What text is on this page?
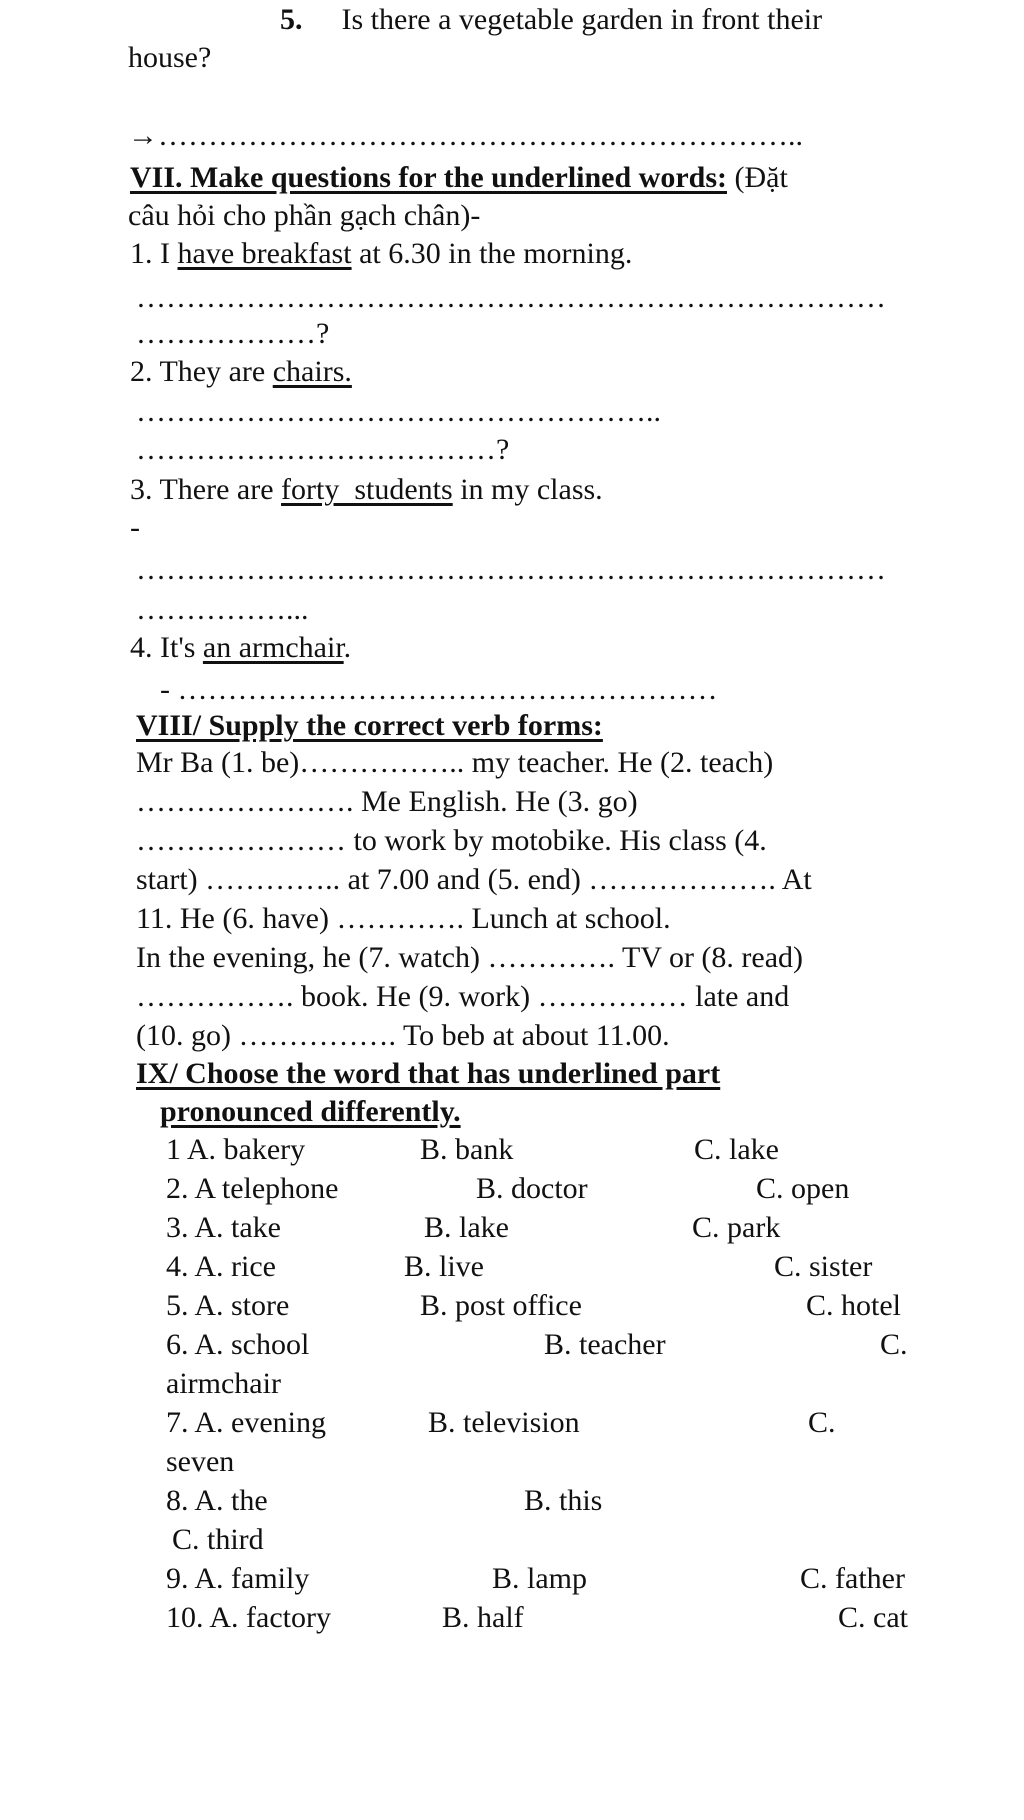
5. Is there a vegetable garden in front their
house?
→………………………………………………………..
VII. Make questions for the underlined words: (Đặt
câu hỏi cho phần gạch chân)-
1. I have breakfast at 6.30 in the morning.
…………………………………………………………………
………………?
2. They are chairs.
……………………………………………..
………………………………?
3. There are forty  students in my class.
-
…………………………………………………………………
……………...
4. It's an armchair.
- ………………………………………………
VIII/ Supply the correct verb forms:
Mr Ba (1. be)…………….. my teacher. He (2. teach)
…………………. Me English. He (3. go)
………………… to work by motobike. His class (4.
start) ………….. at 7.00 and (5. end) ………………. At
11. He (6. have) …………. Lunch at school.
In the evening, he (7. watch) …………. TV or (8. read)
……………. book. He (9. work) …………… late and
(10. go) ……………. To beb at about 11.00.
IX/ Choose the word that has underlined part
pronounced differently.
1 A. bakery	B. bank	C. lake
2. A telephone	B. doctor	C. open
3. A. take	B. lake	C. park
4. A. rice	B. live	C. sister
5. A. store	B. post office	C. hotel
6. A. school	B. teacher	C.
airmchair
7. A. evening	B. television	C.
seven
8. A. the	B. this
C. third
9. A. family	B. lamp	C. father
10. A. factory	B. half	C. cat
